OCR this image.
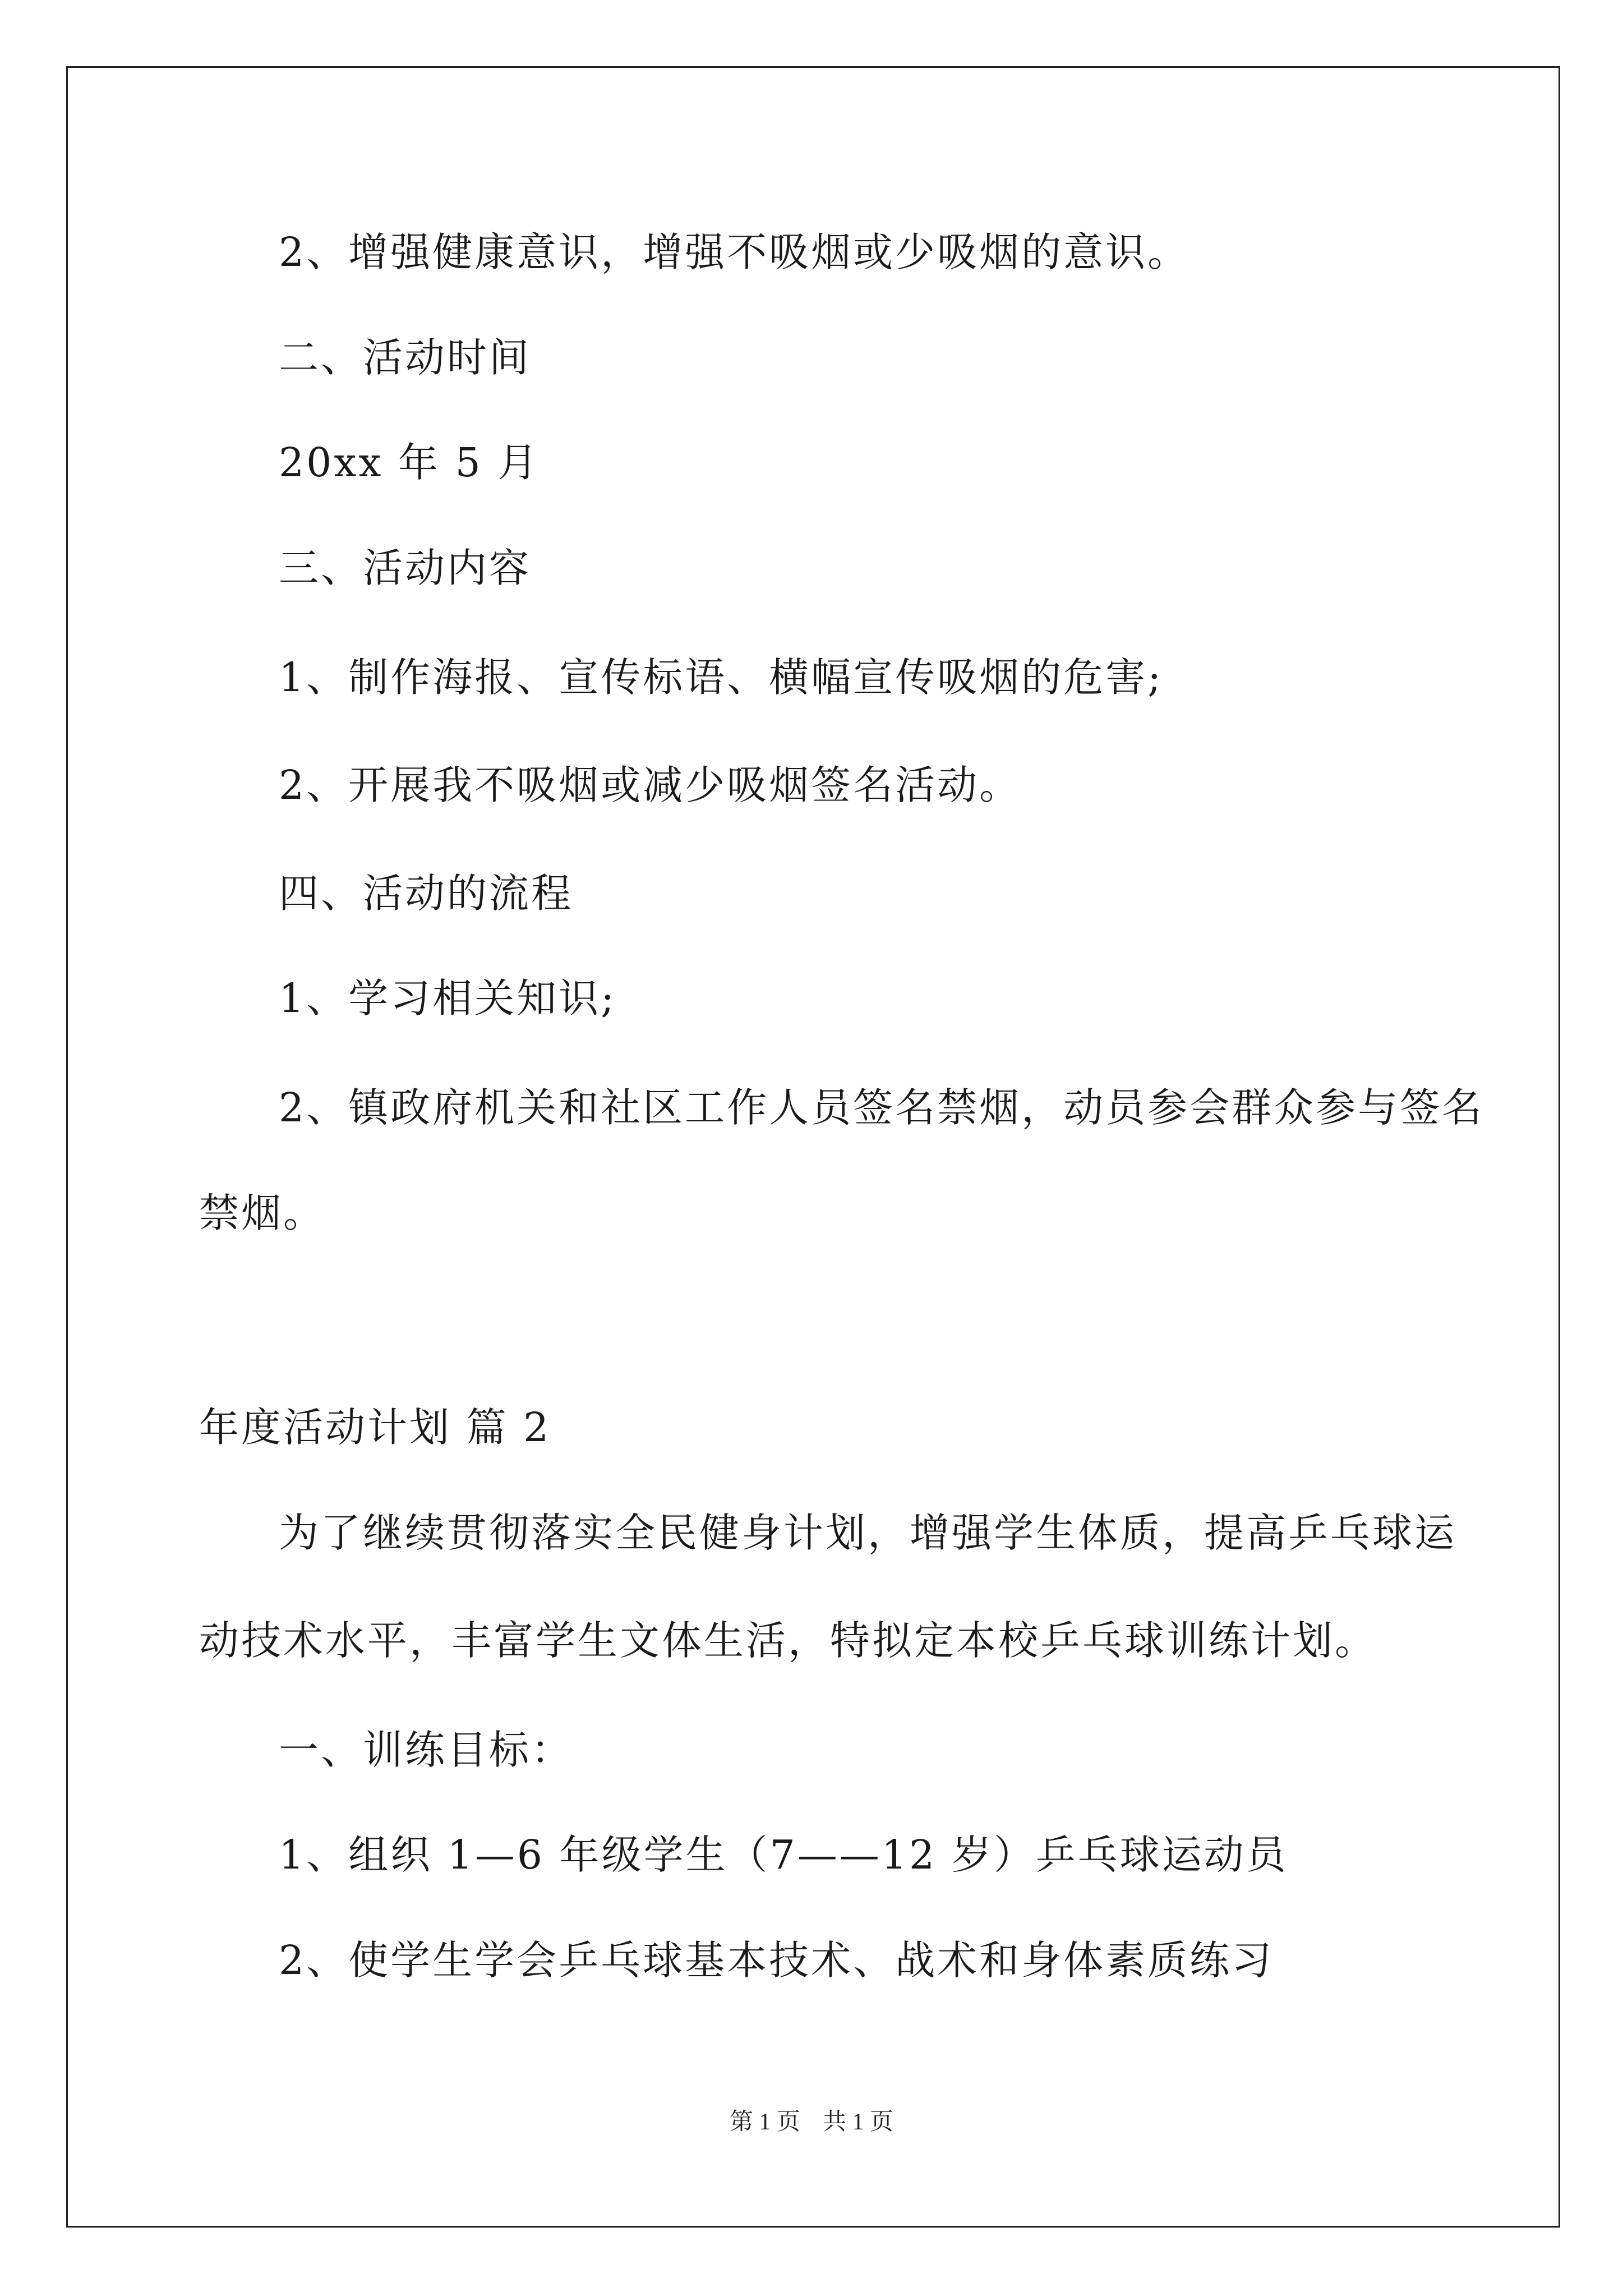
2、增强健康意识，增强不吸烟或少吸烟的意识。
二、活动时间
20xx 年 5 月
三、活动内容
1、制作海报、宣传标语、横幅宣传吸烟的危害;
2、开展我不吸烟或减少吸烟签名活动。
四、活动的流程
1、学习相关知识;
2、镇政府机关和社区工作人员签名禁烟，动员参会群众参与签名
禁烟。
年度活动计划 篇 2
为了继续贯彻落实全民健身计划，增强学生体质，提高乒乓球运
动技术水平，丰富学生文体生活，特拟定本校乒乓球训练计划。
一、训练目标：
1、组织 1—6 年级学生（7——12 岁）乒乓球运动员
2、使学生学会乒乓球基本技术、战术和身体素质练习
第 1 页 共 1 页
